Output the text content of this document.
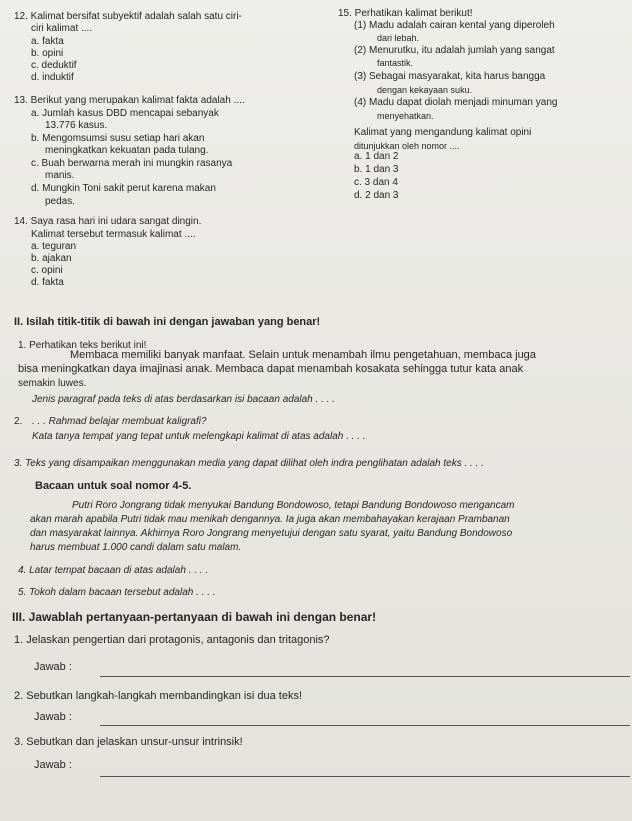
12. Kalimat bersifat subyektif adalah salah satu ciri-
ciri kalimat ....
a. fakta
b. opini
c. deduktif
d. induktif
13. Berikut yang merupakan kalimat fakta adalah ....
a. Jumlah kasus DBD mencapai sebanyak
13.776 kasus.
b. Mengomsumsi susu setiap hari akan
meningkatkan kekuatan pada tulang.
c. Buah berwarna merah ini mungkin rasanya
manis.
d. Mungkin Toni sakit perut karena makan
pedas.
14. Saya rasa hari ini udara sangat dingin.
Kalimat tersebut termasuk kalimat ....
a. teguran
b. ajakan
c. opini
d. fakta
15. Perhatikan kalimat berikut!
(1) Madu adalah cairan kental yang diperoleh
dari lebah.
(2) Menurutku, itu adalah jumlah yang sangat
fantastik.
(3) Sebagai masyarakat, kita harus bangga
dengan kekayaan suku.
(4) Madu dapat diolah menjadi minuman yang
menyehatkan.
Kalimat yang mengandung kalimat opini
ditunjukkan oleh nomor ....
a. 1 dan 2
b. 1 dan 3
c. 3 dan 4
d. 2 dan 3
II. Isilah titik-titik di bawah ini dengan jawaban yang benar!
1. Perhatikan teks berikut ini!
Membaca memiliki banyak manfaat. Selain untuk menambah ilmu pengetahuan, membaca juga
bisa meningkatkan daya imajinasi anak. Membaca dapat menambah kosakata sehingga tutur kata anak
semakin luwes.
Jenis paragraf pada teks di atas berdasarkan isi bacaan adalah . . . .
2. . . . Rahmad belajar membuat kaligrafi?
Kata tanya tempat yang tepat untuk melengkapi kalimat di atas adalah . . . .
3. Teks yang disampaikan menggunakan media yang dapat dilihat oleh indra penglihatan adalah teks . . . .
Bacaan untuk soal nomor 4-5.
Putri Roro Jongrang tidak menyukai Bandung Bondowoso, tetapi Bandung Bondowoso mengancam
akan marah apabila Putri tidak mau menikah dengannya. Ia juga akan membahayakan kerajaan Prambanan
dan masyarakat lainnya. Akhirnya Roro Jongrang menyetujui dengan satu syarat, yaitu Bandung Bondowoso
harus membuat 1.000 candi dalam satu malam.
4. Latar tempat bacaan di atas adalah . . . .
5. Tokoh dalam bacaan tersebut adalah . . . .
III. Jawablah pertanyaan-pertanyaan di bawah ini dengan benar!
1. Jelaskan pengertian dari protagonis, antagonis dan tritagonis?
Jawab :
2. Sebutkan langkah-langkah membandingkan isi dua teks!
Jawab :
3. Sebutkan dan jelaskan unsur-unsur intrinsik!
Jawab :
